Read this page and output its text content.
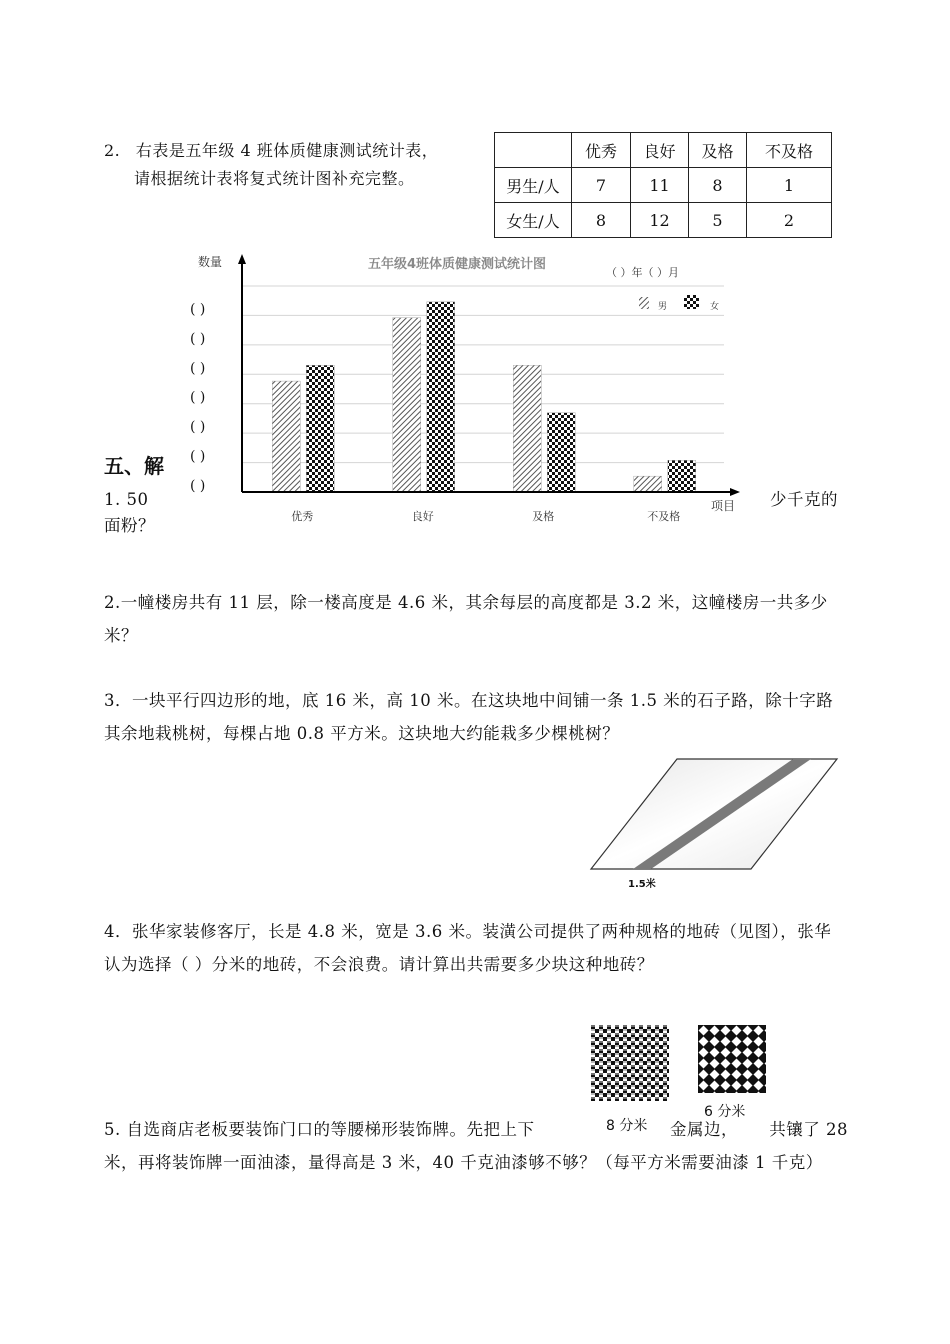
2. 右表是五年级 4 班体质健康测试统计表，
请根据统计表将复式统计图补充完整。
	优秀	良好	及格	不及格
男生/人	7	11	8	1
女生/人	8	12	5	2
五、解
1. 50
面粉？
少千克的
( )
( )
( )
( )
( )
( )
( )
优秀	良好	及格	不及格
数量
项目
五年级4班体质健康测试统计图
（ ）年（ ）月
男	女
2.一幢楼房共有 11 层，除一楼高度是 4.6 米，其余每层的高度都是 3.2 米，这幢楼房一共多少米？
3．一块平行四边形的地，底 16 米，高 10 米。在这块地中间铺一条 1.5 米的石子路，除十字路其余地栽桃树，每棵占地 0.8 平方米。这块地大约能栽多少棵桃树？
1.5米
4．张华家装修客厅，长是 4.8 米，宽是 3.6 米。装潢公司提供了两种规格的地砖（见图），张华认为选择（ ）分米的地砖，不会浪费。请计算出共需要多少块这种地砖？
8 分米
6 分米
5. 自选商店老板要装饰门口的等腰梯形装饰牌。先把上下	金属边， 共镶了 28
米，再将装饰牌一面油漆，量得高是 3 米，40 千克油漆够不够？（每平方米需要油漆 1 千克）
